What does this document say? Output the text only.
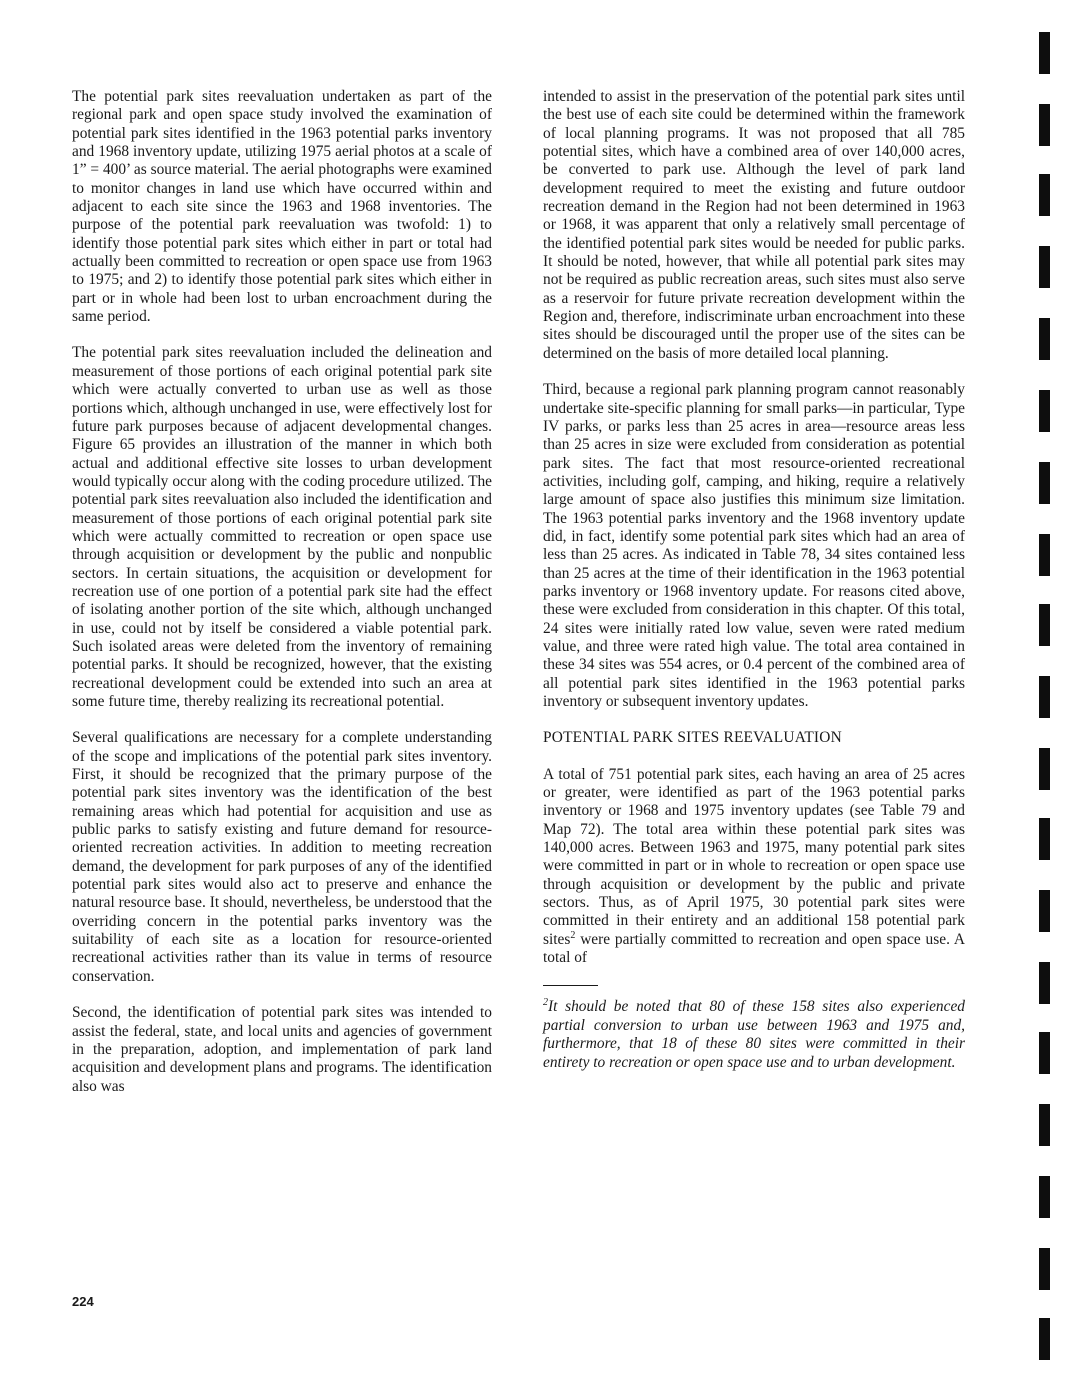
The potential park sites reevaluation undertaken as part of the regional park and open space study involved the examination of potential park sites identified in the 1963 potential parks inventory and 1968 inventory update, utilizing 1975 aerial photos at a scale of 1” = 400’ as source material. The aerial photographs were examined to monitor changes in land use which have occurred within and adjacent to each site since the 1963 and 1968 inventories. The purpose of the potential park reevaluation was twofold: 1) to identify those potential park sites which either in part or total had actually been committed to recreation or open space use from 1963 to 1975; and 2) to identify those potential park sites which either in part or in whole had been lost to urban encroachment during the same period.

The potential park sites reevaluation included the delineation and measurement of those portions of each original potential park site which were actually converted to urban use as well as those portions which, although unchanged in use, were effectively lost for future park purposes because of adjacent developmental changes. Figure 65 provides an illustration of the manner in which both actual and additional effective site losses to urban development would typically occur along with the coding procedure utilized. The potential park sites reevaluation also included the identification and measurement of those portions of each original potential park site which were actually committed to recreation or open space use through acquisition or development by the public and nonpublic sectors. In certain situations, the acquisition or development for recreation use of one portion of a potential park site had the effect of isolating another portion of the site which, although unchanged in use, could not by itself be considered a viable potential park. Such isolated areas were deleted from the inventory of remaining potential parks. It should be recognized, however, that the existing recreational development could be extended into such an area at some future time, thereby realizing its recreational potential.

Several qualifications are necessary for a complete understanding of the scope and implications of the potential park sites inventory. First, it should be recognized that the primary purpose of the potential park sites inventory was the identification of the best remaining areas which had potential for acquisition and use as public parks to satisfy existing and future demand for resource-oriented recreation activities. In addition to meeting recreation demand, the development for park purposes of any of the identified potential park sites would also act to preserve and enhance the natural resource base. It should, nevertheless, be understood that the overriding concern in the potential parks inventory was the suitability of each site as a location for resource-oriented recreational activities rather than its value in terms of resource conservation.

Second, the identification of potential park sites was intended to assist the federal, state, and local units and agencies of government in the preparation, adoption, and implementation of park land acquisition and development plans and programs. The identification also was

intended to assist in the preservation of the potential park sites until the best use of each site could be determined within the framework of local planning programs. It was not proposed that all 785 potential sites, which have a combined area of over 140,000 acres, be converted to park use. Although the level of park land development required to meet the existing and future outdoor recreation demand in the Region had not been determined in 1963 or 1968, it was apparent that only a relatively small percentage of the identified potential park sites would be needed for public parks. It should be noted, however, that while all potential park sites may not be required as public recreation areas, such sites must also serve as a reservoir for future private recreation development within the Region and, therefore, indiscriminate urban encroachment into these sites should be discouraged until the proper use of the sites can be determined on the basis of more detailed local planning.

Third, because a regional park planning program cannot reasonably undertake site-specific planning for small parks—in particular, Type IV parks, or parks less than 25 acres in area—resource areas less than 25 acres in size were excluded from consideration as potential park sites. The fact that most resource-oriented recreational activities, including golf, camping, and hiking, require a relatively large amount of space also justifies this minimum size limitation. The 1963 potential parks inventory and the 1968 inventory update did, in fact, identify some potential park sites which had an area of less than 25 acres. As indicated in Table 78, 34 sites contained less than 25 acres at the time of their identification in the 1963 potential parks inventory or 1968 inventory update. For reasons cited above, these were excluded from consideration in this chapter. Of this total, 24 sites were initially rated low value, seven were rated medium value, and three were rated high value. The total area contained in these 34 sites was 554 acres, or 0.4 percent of the combined area of all potential park sites identified in the 1963 potential parks inventory or subsequent inventory updates.

POTENTIAL PARK SITES REEVALUATION

A total of 751 potential park sites, each having an area of 25 acres or greater, were identified as part of the 1963 potential parks inventory or 1968 and 1975 inventory updates (see Table 79 and Map 72). The total area within these potential park sites was 140,000 acres. Between 1963 and 1975, many potential park sites were committed in part or in whole to recreation or open space use through acquisition or development by the public and private sectors. Thus, as of April 1975, 30 potential park sites were committed in their entirety and an additional 158 potential park sites$^2$ were partially committed to recreation and open space use. A total of

$^2$It should be noted that 80 of these 158 sites also experienced partial conversion to urban use between 1963 and 1975 and, furthermore, that 18 of these 80 sites were committed in their entirety to recreation or open space use and to urban development.

224
